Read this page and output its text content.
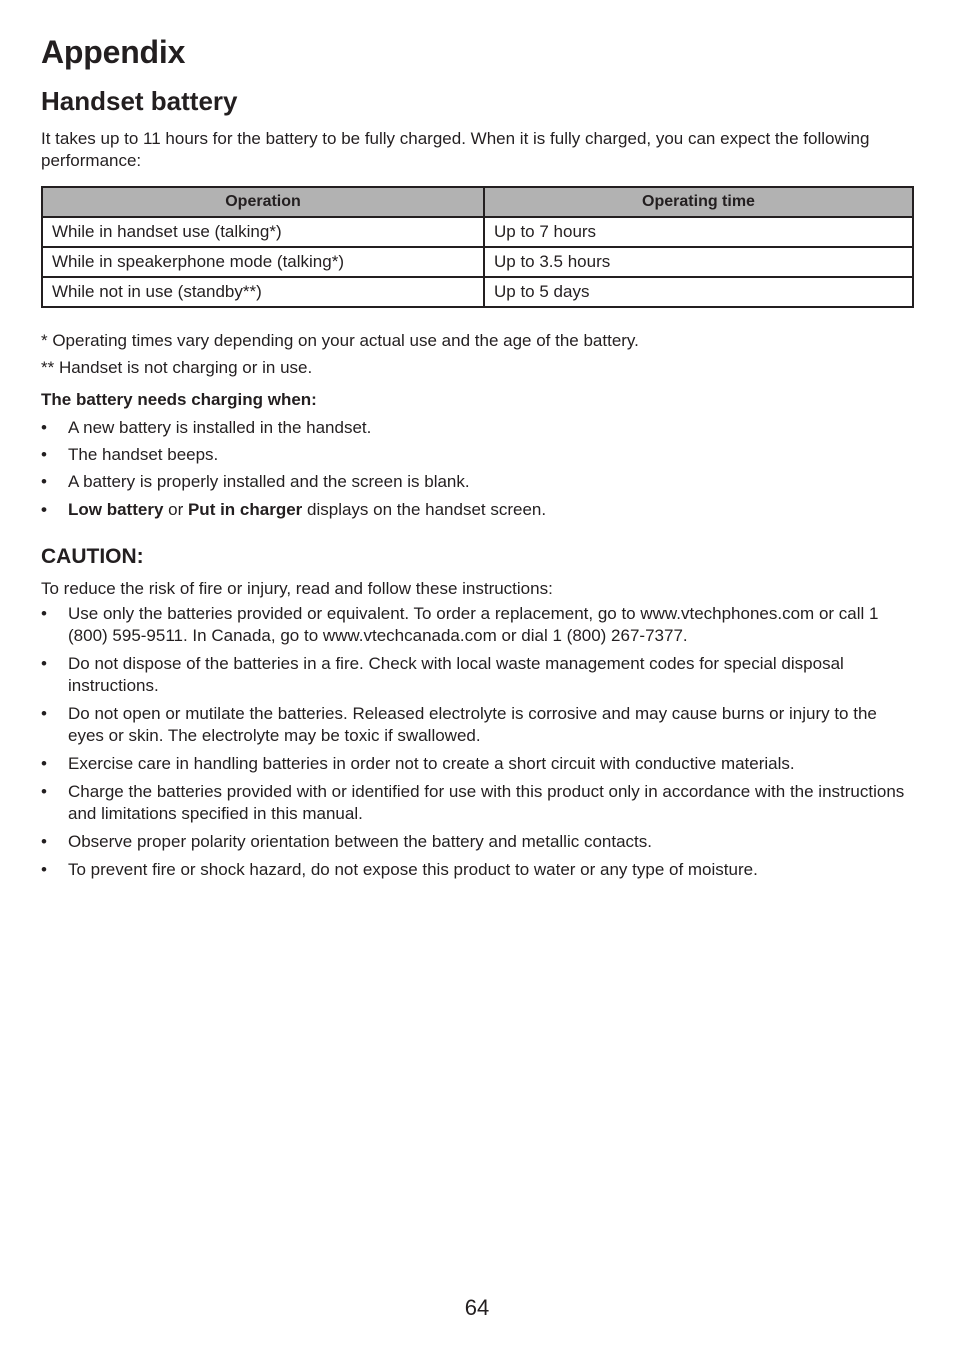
Appendix
Handset battery

It takes up to 11 hours for the battery to be fully charged. When it is fully charged, you can expect the following performance:

Operation	Operating time
While in handset use (talking*)	Up to 7 hours
While in speakerphone mode (talking*)	Up to 3.5 hours
While not in use (standby**)	Up to 5 days

* Operating times vary depending on your actual use and the age of the battery.

** Handset is not charging or in use.

The battery needs charging when:

•	A new battery is installed in the handset.
•	The handset beeps.
•	A battery is properly installed and the screen is blank.
•	Low battery or Put in charger displays on the handset screen.

CAUTION:

To reduce the risk of fire or injury, read and follow these instructions:

•	Use only the batteries provided or equivalent. To order a replacement, go to www.vtechphones.com or call 1 (800) 595-9511. In Canada, go to www.vtechcanada.com or dial 1 (800) 267-7377.
•	Do not dispose of the batteries in a fire. Check with local waste management codes for special disposal instructions.
•	Do not open or mutilate the batteries. Released electrolyte is corrosive and may cause burns or injury to the eyes or skin. The electrolyte may be toxic if swallowed.
•	Exercise care in handling batteries in order not to create a short circuit with conductive materials.
•	Charge the batteries provided with or identified for use with this product only in accordance with the instructions and limitations specified in this manual.
•	Observe proper polarity orientation between the battery and metallic contacts.
•	To prevent fire or shock hazard, do not expose this product to water or any type of moisture.
64
